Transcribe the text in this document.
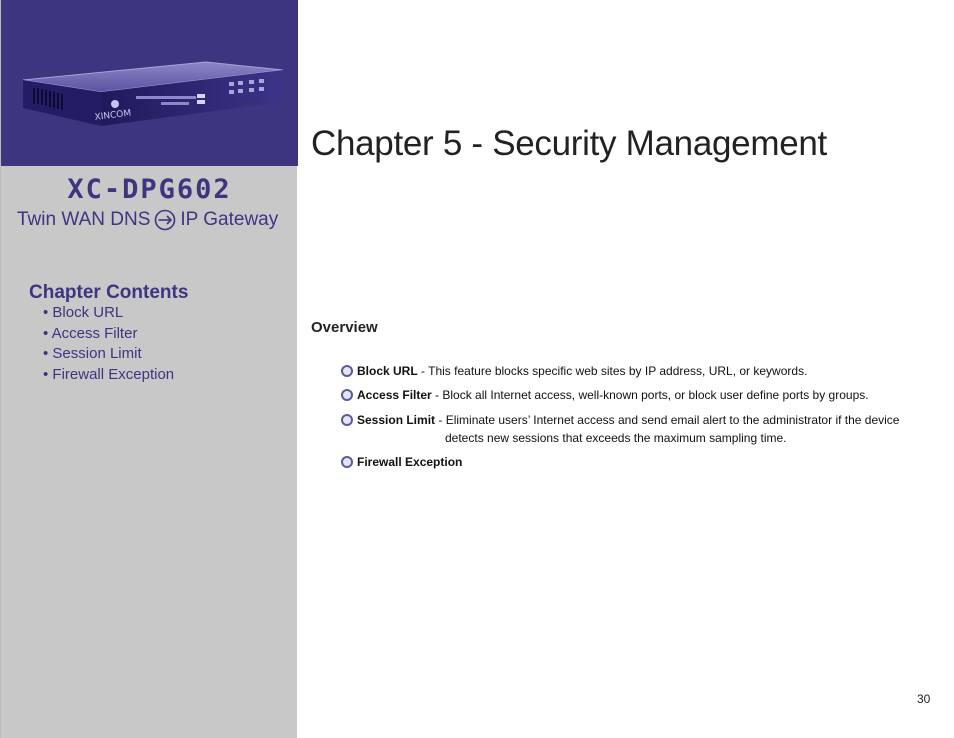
XINCOM
XC-DPG602
Twin WAN DNS IP Gateway
Chapter Contents
• Block URL
• Access Filter
• Session Limit
• Firewall Exception
Chapter 5 - Security Management
Overview
Block URL - This feature blocks specific web sites by IP address, URL, or keywords.
Access Filter - Block all Internet access, well-known ports, or block user define ports by groups.
Session Limit - Eliminate users’ Internet access and send email alert to the administrator if the device
detects new sessions that exceeds the maximum sampling time.
Firewall Exception
30
